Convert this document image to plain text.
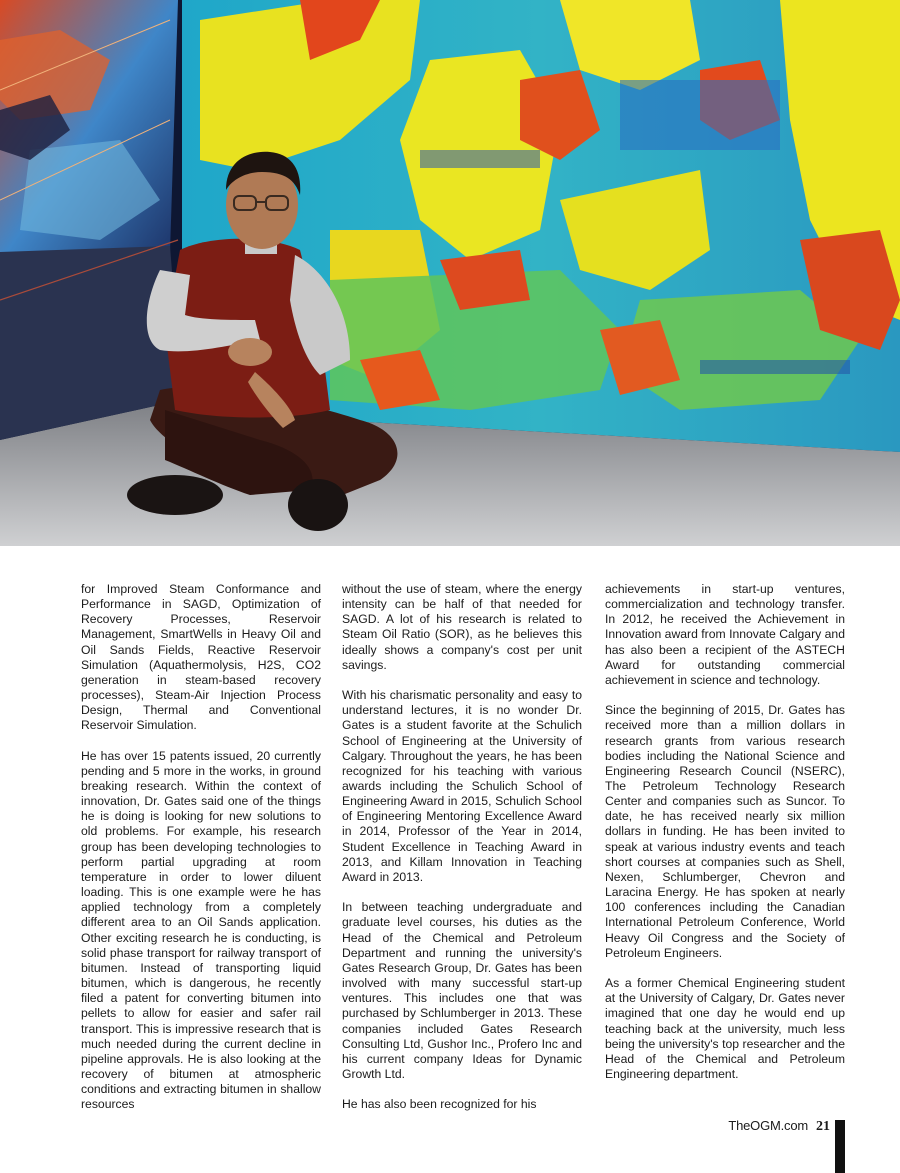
for Improved Steam Conformance and Performance in SAGD, Optimization of Recovery Processes, Reservoir Management, SmartWells in Heavy Oil and Oil Sands Fields, Reactive Reservoir Simulation (Aquathermolysis, H2S, CO2 generation in steam-based recovery processes), Steam-Air Injection Process Design, Thermal and Conventional Reservoir Simulation.

He has over 15 patents issued, 20 currently pending and 5 more in the works, in ground breaking research. Within the context of innovation, Dr. Gates said one of the things he is doing is looking for new solutions to old problems. For example, his research group has been developing technologies to perform partial upgrading at room temperature in order to lower diluent loading. This is one example were he has applied technology from a completely different area to an Oil Sands application. Other exciting research he is conducting, is solid phase transport for railway transport of bitumen. Instead of transporting liquid bitumen, which is dangerous, he recently filed a patent for converting bitumen into pellets to allow for easier and safer rail transport. This is impressive research that is much needed during the current decline in pipeline approvals. He is also looking at the recovery of bitumen at atmospheric conditions and extracting bitumen in shallow resources

without the use of steam, where the energy intensity can be half of that needed for SAGD. A lot of his research is related to Steam Oil Ratio (SOR), as he believes this ideally shows a company's cost per unit savings.

With his charismatic personality and easy to understand lectures, it is no wonder Dr. Gates is a student favorite at the Schulich School of Engineering at the University of Calgary. Throughout the years, he has been recognized for his teaching with various awards including the Schulich School of Engineering Award in 2015, Schulich School of Engineering Mentoring Excellence Award in 2014, Professor of the Year in 2014, Student Excellence in Teaching Award in 2013, and Killam Innovation in Teaching Award in 2013.

In between teaching undergraduate and graduate level courses, his duties as the Head of the Chemical and Petroleum Department and running the university's Gates Research Group, Dr. Gates has been involved with many successful start-up ventures. This includes one that was purchased by Schlumberger in 2013. These companies included Gates Research Consulting Ltd, Gushor Inc., Profero Inc and his current company Ideas for Dynamic Growth Ltd.

He has also been recognized for his

achievements in start-up ventures, commercialization and technology transfer. In 2012, he received the Achievement in Innovation award from Innovate Calgary and has also been a recipient of the ASTECH Award for outstanding commercial achievement in science and technology.

Since the beginning of 2015, Dr. Gates has received more than a million dollars in research grants from various research bodies including the National Science and Engineering Research Council (NSERC), The Petroleum Technology Research Center and companies such as Suncor. To date, he has received nearly six million dollars in funding. He has been invited to speak at various industry events and teach short courses at companies such as Shell, Nexen, Schlumberger, Chevron and Laracina Energy. He has spoken at nearly 100 conferences including the Canadian International Petroleum Conference, World Heavy Oil Congress and the Society of Petroleum Engineers.

As a former Chemical Engineering student at the University of Calgary, Dr. Gates never imagined that one day he would end up teaching back at the university, much less being the university's top researcher and the Head of the Chemical and Petroleum Engineering department.

TheOGM.com 21
